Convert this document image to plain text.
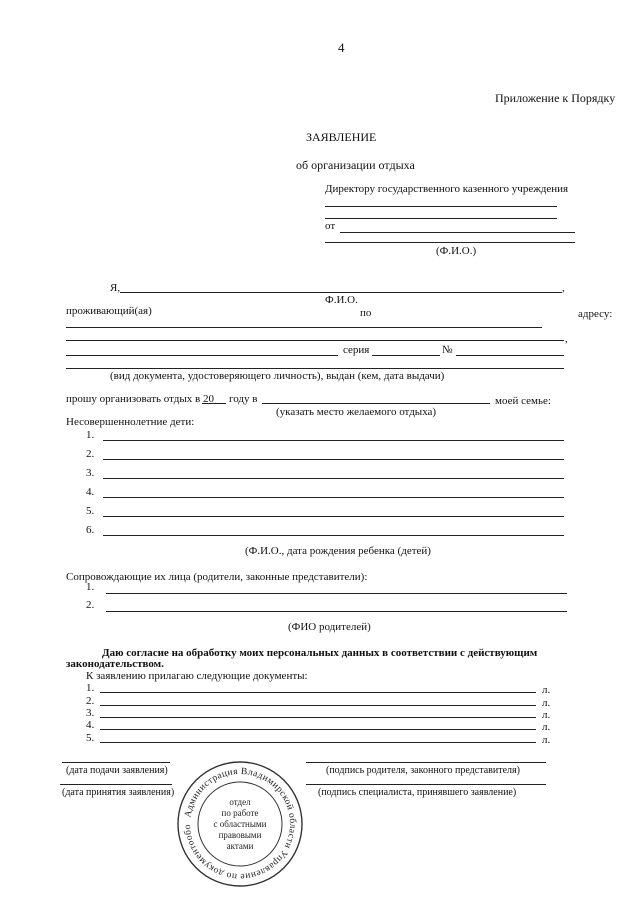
4
Приложение к Порядку
ЗАЯВЛЕНИЕ
об организации отдыха
Директору государственного казенного учреждения
от
(Ф.И.О.)
Я,	,
Ф.И.О.
проживающий(ая)	по	адресу:
,
серия	№
(вид документа, удостоверяющего личность), выдан (кем, дата выдачи)
прошу организовать отдых в 20 году в	моей семье:
(указать место желаемого отдыха)
Несовершеннолетние дети:
1.
2.
3.
4.
5.
6.
(Ф.И.О., дата рождения ребенка (детей)
Сопровождающие их лица (родители, законные представители):
1.
2.
(ФИО родителей)
Даю согласие на обработку моих персональных данных в соответствии с действующим
законодательством.
К заявлению прилагаю следующие документы:
1.	л.
2.	л.
3.	л.
4.	л.
5.	л.
(дата подачи заявления)
(дата принятия заявления)
(подпись родителя, законного представителя)
(подпись специалиста, принявшего заявление)
Администрация Владимирской области Управление по документообо
отдел
по работе
с областными
правовыми
актами
